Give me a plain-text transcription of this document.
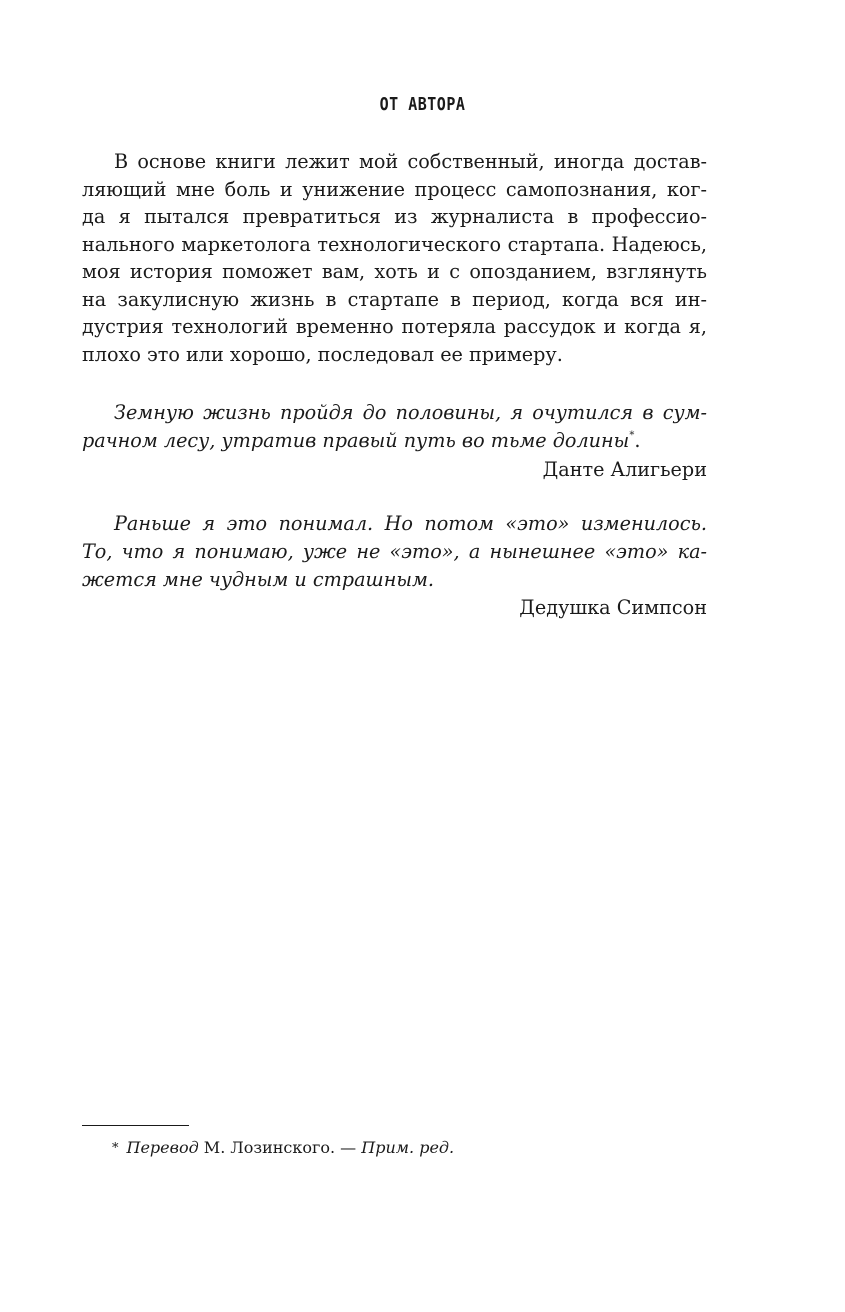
ОТ АВТОРА
В основе книги лежит мой собственный, иногда достав-
ляющий мне боль и унижение процесс самопознания, ког-
да я пытался превратиться из журналиста в профессио-
нального маркетолога технологического стартапа. Надеюсь,
моя история поможет вам, хоть и с опозданием, взглянуть
на закулисную жизнь в стартапе в период, когда вся ин-
дустрия технологий временно потеряла рассудок и когда я,
плохо это или хорошо, последовал ее примеру.
Земную жизнь пройдя до половины, я очутился в сум-
рачном лесу, утратив правый путь во тьме долины*.
Данте Алигьери
Раньше я это понимал. Но потом «это» изменилось.
То, что я понимаю, уже не «это», а нынешнее «это» ка-
жется мне чудным и страшным.
Дедушка Симпсон
* Перевод М. Лозинского. — Прим. ред.
